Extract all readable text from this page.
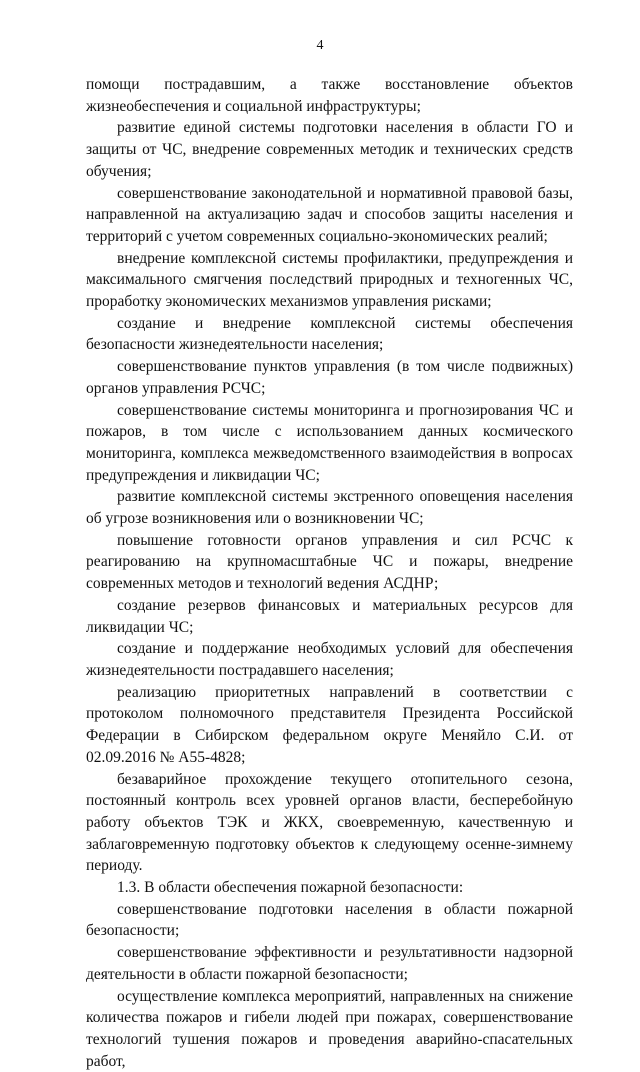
4

помощи пострадавшим, а также восстановление объектов жизнеобеспечения и социальной инфраструктуры;

развитие единой системы подготовки населения в области ГО и защиты от ЧС, внедрение современных методик и технических средств обучения;

совершенствование законодательной и нормативной правовой базы, направленной на актуализацию задач и способов защиты населения и территорий с учетом современных социально-экономических реалий;

внедрение комплексной системы профилактики, предупреждения и максимального смягчения последствий природных и техногенных ЧС, проработку экономических механизмов управления рисками;

создание и внедрение комплексной системы обеспечения безопасности жизнедеятельности населения;

совершенствование пунктов управления (в том числе подвижных) органов управления РСЧС;

совершенствование системы мониторинга и прогнозирования ЧС и пожаров, в том числе с использованием данных космического мониторинга, комплекса межведомственного взаимодействия в вопросах предупреждения и ликвидации ЧС;

развитие комплексной системы экстренного оповещения населения об угрозе возникновения или о возникновении ЧС;

повышение готовности органов управления и сил РСЧС к реагированию на крупномасштабные ЧС и пожары, внедрение современных методов и технологий ведения АСДНР;

создание резервов финансовых и материальных ресурсов для ликвидации ЧС;

создание и поддержание необходимых условий для обеспечения жизнедеятельности пострадавшего населения;

реализацию приоритетных направлений в соответствии с протоколом полномочного представителя Президента Российской Федерации в Сибирском федеральном округе Меняйло С.И. от 02.09.2016 № А55-4828;

безаварийное прохождение текущего отопительного сезона, постоянный контроль всех уровней органов власти, бесперебойную работу объектов ТЭК и ЖКХ, своевременную, качественную и заблаговременную подготовку объектов к следующему осенне-зимнему периоду.

1.3. В области обеспечения пожарной безопасности:

совершенствование подготовки населения в области пожарной безопасности;

совершенствование эффективности и результативности надзорной деятельности в области пожарной безопасности;

осуществление комплекса мероприятий, направленных на снижение количества пожаров и гибели людей при пожарах, совершенствование технологий тушения пожаров и проведения аварийно-спасательных работ,
